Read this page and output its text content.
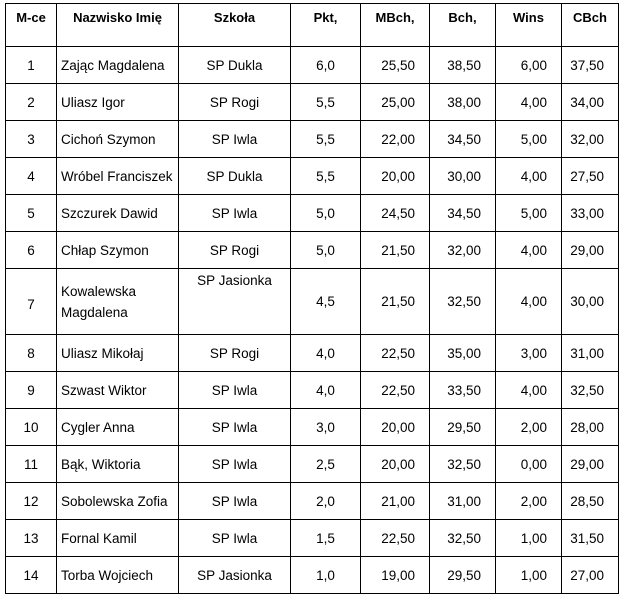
M-ce	Nazwisko Imię	Szkoła	Pkt,	MBch,	Bch,	Wins	CBch
1	Zając Magdalena	SP Dukla	6,0	25,50	38,50	6,00	37,50
2	Uliasz Igor	SP Rogi	5,5	25,00	38,00	4,00	34,00
3	Cichoń Szymon	SP Iwla	5,5	22,00	34,50	5,00	32,00
4	Wróbel Franciszek	SP Dukla	5,5	20,00	30,00	4,00	27,50
5	Szczurek Dawid	SP Iwla	5,0	24,50	34,50	5,00	33,00
6	Chłap Szymon	SP Rogi	5,0	21,50	32,00	4,00	29,00
7	Kowalewska Magdalena	SP Jasionka	4,5	21,50	32,50	4,00	30,00
8	Uliasz Mikołaj	SP Rogi	4,0	22,50	35,00	3,00	31,00
9	Szwast Wiktor	SP Iwla	4,0	22,50	33,50	4,00	32,50
10	Cygler Anna	SP Iwla	3,0	20,00	29,50	2,00	28,00
11	Bąk, Wiktoria	SP Iwla	2,5	20,00	32,50	0,00	29,00
12	Sobolewska Zofia	SP Iwla	2,0	21,00	31,00	2,00	28,50
13	Fornal Kamil	SP Iwla	1,5	22,50	32,50	1,00	31,50
14	Torba Wojciech	SP Jasionka	1,0	19,00	29,50	1,00	27,00
